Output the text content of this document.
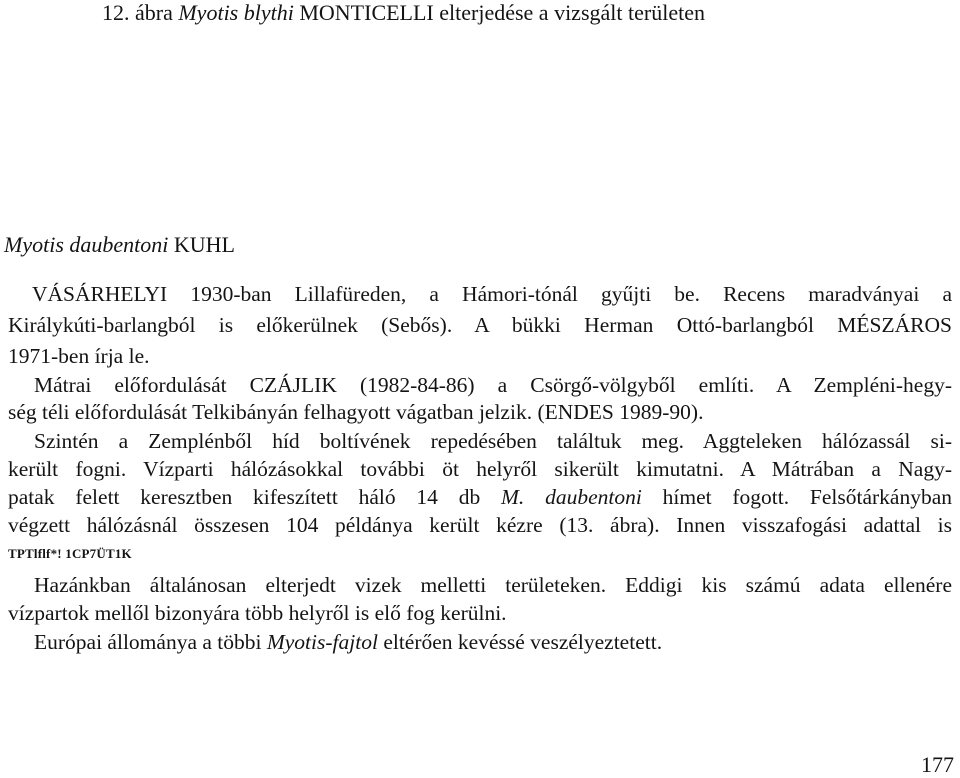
12. ábra Myotis blythi MONTICELLI elterjedése a vizsgált területen
Myotis daubentoni KUHL
VÁSÁRHELYI 1930-ban Lillafüreden, a Hámori-tónál gyűjti be. Recens maradványai a
Királykúti-barlangból is előkerülnek (Sebős). A bükki Herman Ottó-barlangból MÉSZÁROS
1971-ben írja le.
Mátrai előfordulását CZÁJLIK (1982-84-86) a Csörgő-völgyből említi. A Zempléni-hegy-
ség téli előfordulását Telkibányán felhagyott vágatban jelzik. (ENDES 1989-90).
Szintén a Zemplénből híd boltívének repedésében találtuk meg. Aggteleken hálózassál si-
került fogni. Vízparti hálózásokkal további öt helyről sikerült kimutatni. A Mátrában a Nagy-
patak felett keresztben kifeszített háló 14 db M. daubentoni hímet fogott. Felsőtárkányban
végzett hálózásnál összesen 104 példánya került kézre (13. ábra). Innen visszafogási adattal is
TPTlflf*! 1CP7ÜT1K
Hazánkban általánosan elterjedt vizek melletti területeken. Eddigi kis számú adata ellenére
vízpartok mellől bizonyára több helyről is elő fog kerülni.
Európai állománya a többi Myotis-fajtol eltérően kevéssé veszélyeztetett.
177
